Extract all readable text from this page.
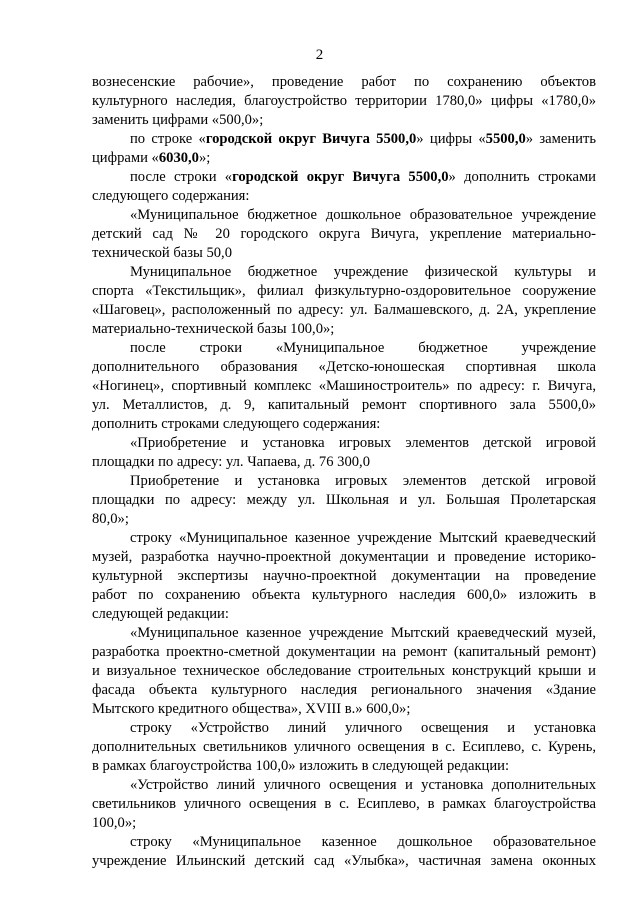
2
вознесенские рабочие», проведение работ по сохранению объектов
культурного наследия, благоустройство территории 1780,0» цифры «1780,0»
заменить цифрами «500,0»;
по строке «городской округ Вичуга 5500,0» цифры «5500,0» заменить
цифрами «6030,0»;
после строки «городской округ Вичуга 5500,0» дополнить строками
следующего содержания:
«Муниципальное бюджетное дошкольное образовательное учреждение
детский сад № 20 городского округа Вичуга, укрепление материально-
технической базы 50,0
Муниципальное бюджетное учреждение физической культуры и
спорта «Текстильщик», филиал физкультурно-оздоровительное сооружение
«Шаговец», расположенный по адресу: ул. Балмашевского, д. 2А, укрепление
материально-технической базы 100,0»;
после строки «Муниципальное бюджетное учреждение
дополнительного образования «Детско-юношеская спортивная школа
«Ногинец», спортивный комплекс «Машиностроитель» по адресу: г. Вичуга,
ул. Металлистов, д. 9, капитальный ремонт спортивного зала 5500,0»
дополнить строками следующего содержания:
«Приобретение и установка игровых элементов детской игровой
площадки по адресу: ул. Чапаева, д. 76 300,0
Приобретение и установка игровых элементов детской игровой
площадки по адресу: между ул. Школьная и ул. Большая Пролетарская
80,0»;
строку «Муниципальное казенное учреждение Мытский краеведческий
музей, разработка научно-проектной документации и проведение историко-
культурной экспертизы научно-проектной документации на проведение
работ по сохранению объекта культурного наследия 600,0» изложить в
следующей редакции:
«Муниципальное казенное учреждение Мытский краеведческий музей,
разработка проектно-сметной документации на ремонт (капитальный ремонт)
и визуальное техническое обследование строительных конструкций крыши и
фасада объекта культурного наследия регионального значения «Здание
Мытского кредитного общества», XVIII в.» 600,0»;
строку «Устройство линий уличного освещения и установка
дополнительных светильников уличного освещения в с. Есиплево, с. Курень,
в рамках благоустройства 100,0» изложить в следующей редакции:
«Устройство линий уличного освещения и установка дополнительных
светильников уличного освещения в с. Есиплево, в рамках благоустройства
100,0»;
строку «Муниципальное казенное дошкольное образовательное
учреждение Ильинский детский сад «Улыбка», частичная замена оконных
